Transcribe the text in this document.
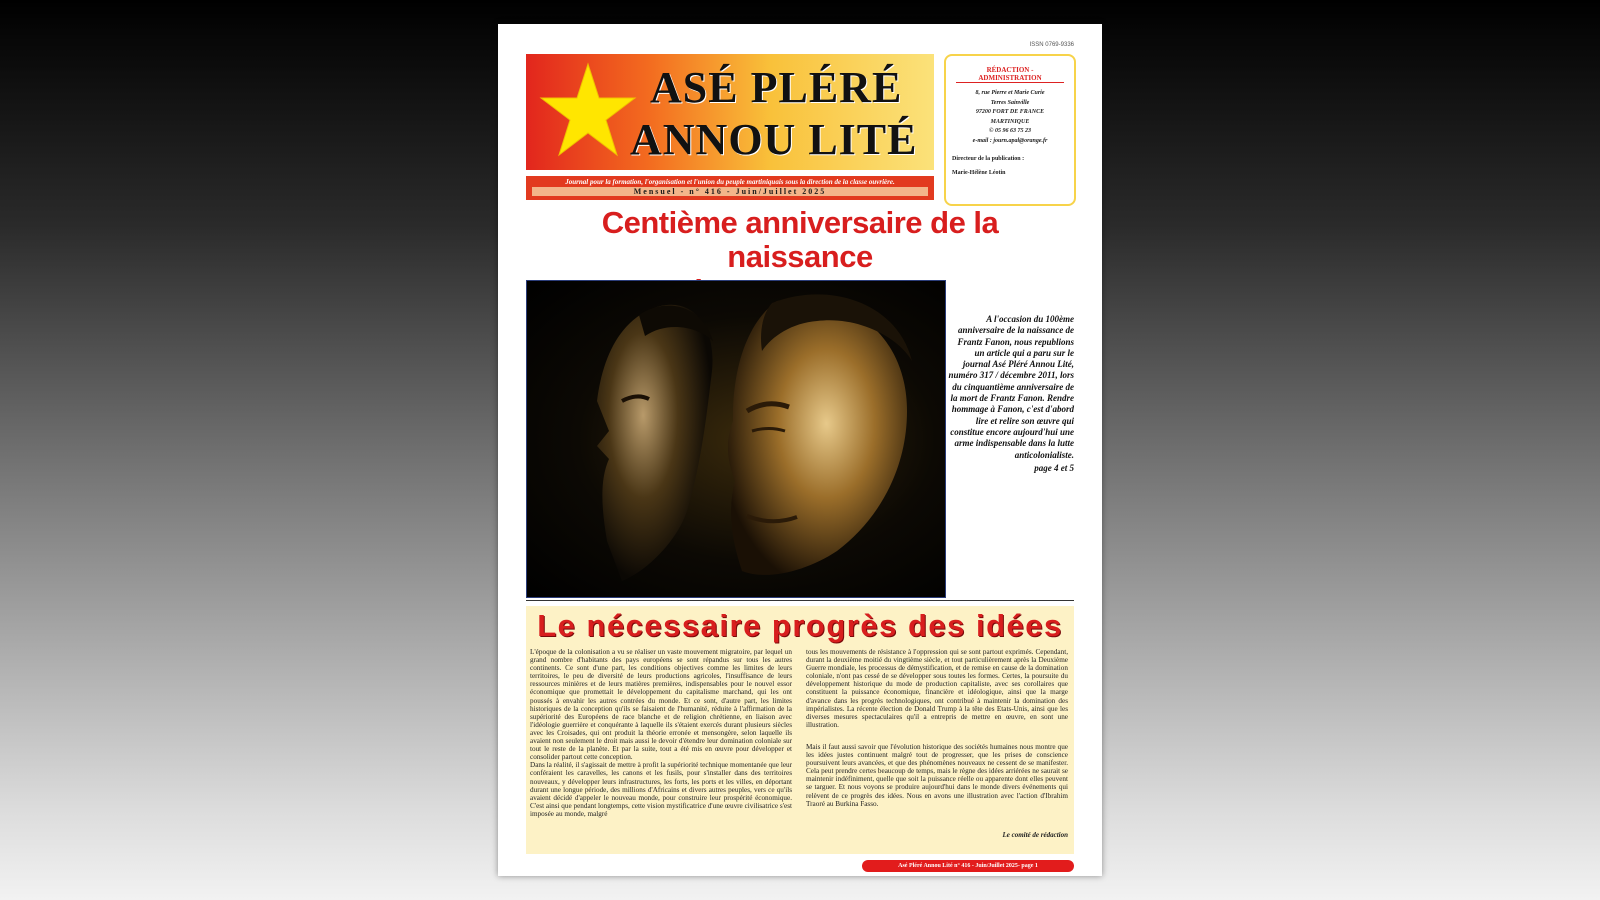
ISSN 0769-9336
ASÉ PLÉRÉ
ANNOU LITÉ
Journal pour la formation, l'organisation et l'union du peuple martiniquais sous la direction de la classe ouvrière.
Mensuel - n° 416 - Juin/Juillet 2025
RÉDACTION - ADMINISTRATION
8, rue Pierre et Marie Curie
Terres Sainville
97200 FORT DE FRANCE
MARTINIQUE
© 05 96 63 75 23
e-mail : journ.apal@orange.fr
Directeur de la publication :
Marie-Hélène Léotin
Centième anniversaire de la naissance
A l'occasion du 100ème anniversaire de la naissance de Frantz Fanon, nous republions un article qui a paru sur le journal Asé Pléré Annou Lité, numéro 317 / décembre 2011, lors du cinquantième anniversaire de la mort de Frantz Fanon. Rendre hommage à Fanon, c'est d'abord lire et relire son œuvre qui constitue encore aujourd'hui une arme indispensable dans la lutte anticolonialiste.
page 4 et 5
Le nécessaire progrès des idées

L'époque de la colonisation a vu se réaliser un vaste mouvement migratoire, par lequel un grand nombre d'habitants des pays européens se sont répandus sur tous les autres continents. Ce sont d'une part, les conditions objectives comme les limites de leurs territoires, le peu de diversité de leurs productions agricoles, l'insuffisance de leurs ressources minières et de leurs matières premières, indispensables pour le nouvel essor économique que promettait le développement du capitalisme marchand, qui les ont poussés à envahir les autres contrées du monde. Et ce sont, d'autre part, les limites historiques de la conception qu'ils se faisaient de l'humanité, réduite à l'affirmation de la supériorité des Européens de race blanche et de religion chrétienne, en liaison avec l'idéologie guerrière et conquérante à laquelle ils s'étaient exercés durant plusieurs siècles avec les Croisades, qui ont produit la théorie erronée et mensongère, selon laquelle ils avaient non seulement le droit mais aussi le devoir d'étendre leur domination coloniale sur tout le reste de la planète. Et par la suite, tout a été mis en œuvre pour développer et consolider partout cette conception.

Dans la réalité, il s'agissait de mettre à profit la supériorité technique momentanée que leur conféraient les caravelles, les canons et les fusils, pour s'installer dans des territoires nouveaux, y développer leurs infrastructures, les forts, les ports et les villes, en déportant durant une longue période, des millions d'Africains et divers autres peuples, vers ce qu'ils avaient décidé d'appeler le nouveau monde, pour construire leur prospérité économique. C'est ainsi que pendant longtemps, cette vision mystificatrice d'une œuvre civilisatrice s'est imposée au monde, malgré

tous les mouvements de résistance à l'oppression qui se sont partout exprimés. Cependant, durant la deuxième moitié du vingtième siècle, et tout particulièrement après la Deuxième Guerre mondiale, les processus de démystification, et de remise en cause de la domination coloniale, n'ont pas cessé de se développer sous toutes les formes. Certes, la poursuite du développement historique du mode de production capitaliste, avec ses corollaires que constituent la puissance économique, financière et idéologique, ainsi que la marge d'avance dans les progrès technologiques, ont contribué à maintenir la domination des impérialistes. La récente élection de Donald Trump à la tête des Etats-Unis, ainsi que les diverses mesures spectaculaires qu'il a entrepris de mettre en œuvre, en sont une illustration.

Mais il faut aussi savoir que l'évolution historique des sociétés humaines nous montre que les idées justes continuent malgré tout de progresser, que les prises de conscience poursuivent leurs avancées, et que des phénomènes nouveaux ne cessent de se manifester. Cela peut prendre certes beaucoup de temps, mais le règne des idées arriérées ne saurait se maintenir indéfiniment, quelle que soit la puissance réelle ou apparente dont elles peuvent se targuer. Et nous voyons se produire aujourd'hui dans le monde divers événements qui relèvent de ce progrès des idées. Nous en avons une illustration avec l'action d'Ibrahim Traoré au Burkina Fasso.

Le comité de rédaction
Asé Pléré Annou Lité n° 416 - Juin/Juillet 2025- page 1
